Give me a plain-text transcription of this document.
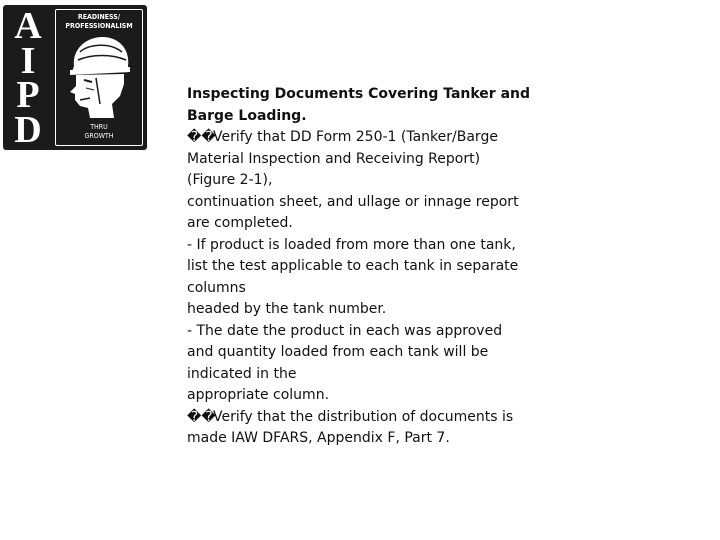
A
I
P
D
READINESS/
PROFESSIONALISM
THRU
GROWTH

Inspecting Documents Covering Tanker and Barge Loading.

��Verify that DD Form 250-1 (Tanker/Barge

Material Inspection and Receiving Report)

(Figure 2-1),

continuation sheet, and ullage or innage report

are completed.

- If product is loaded from more than one tank,

list the test applicable to each tank in separate

columns

headed by the tank number.

- The date the product in each was approved

and quantity loaded from each tank will be

indicated in the

appropriate column.

��Verify that the distribution of documents is

made IAW DFARS, Appendix F, Part 7.
